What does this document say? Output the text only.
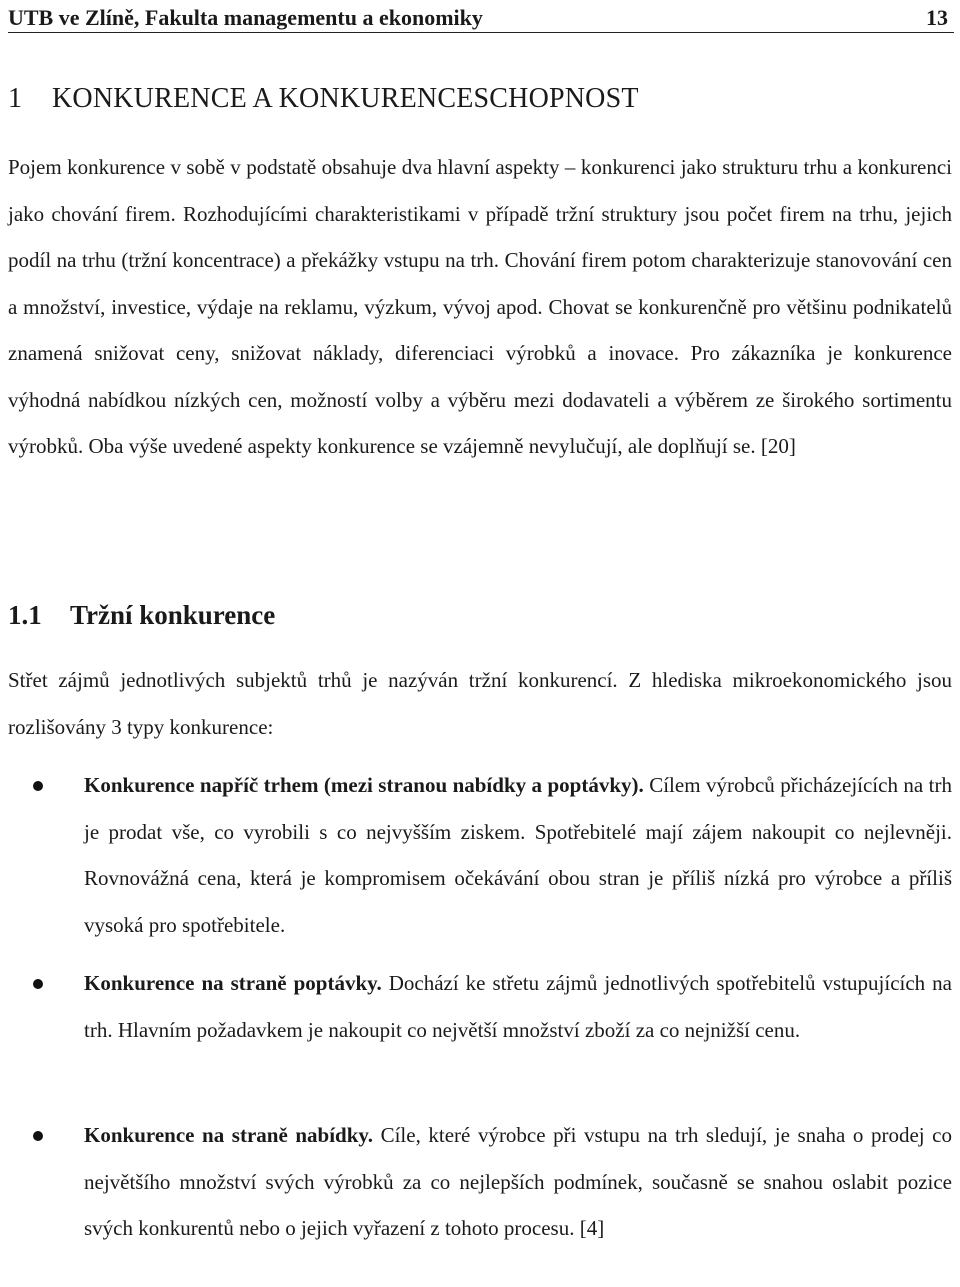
UTB ve Zlíně, Fakulta managementu a ekonomiky	13
1 KONKURENCE A KONKURENCESCHOPNOST

Pojem konkurence v sobě v podstatě obsahuje dva hlavní aspekty – konkurenci jako strukturu trhu a konkurenci jako chování firem. Rozhodujícími charakteristikami v případě tržní struktury jsou počet firem na trhu, jejich podíl na trhu (tržní koncentrace) a překážky vstupu na trh. Chování firem potom charakterizuje stanovování cen a množství, investice, výdaje na reklamu, výzkum, vývoj apod. Chovat se konkurenčně pro většinu podnikatelů znamená snižovat ceny, snižovat náklady, diferenciaci výrobků a inovace. Pro zákazníka je konkurence výhodná nabídkou nízkých cen, možností volby a výběru mezi dodavateli a výběrem ze širokého sortimentu výrobků. Oba výše uvedené aspekty konkurence se vzájemně nevylučují, ale doplňují se. [20]

1.1 Tržní konkurence

Střet zájmů jednotlivých subjektů trhů je nazýván tržní konkurencí. Z hlediska mikroekonomického jsou rozlišovány 3 typy konkurence:

Konkurence napříč trhem (mezi stranou nabídky a poptávky). Cílem výrobců přicházejících na trh je prodat vše, co vyrobili s co nejvyšším ziskem. Spotřebitelé mají zájem nakoupit co nejlevněji. Rovnovážná cena, která je kompromisem očekávání obou stran je příliš nízká pro výrobce a příliš vysoká pro spotřebitele.

Konkurence na straně poptávky. Dochází ke střetu zájmů jednotlivých spotřebitelů vstupujících na trh. Hlavním požadavkem je nakoupit co největší množství zboží za co nejnižší cenu.

Konkurence na straně nabídky. Cíle, které výrobce při vstupu na trh sledují, je snaha o prodej co největšího množství svých výrobků za co nejlepších podmínek, současně se snahou oslabit pozice svých konkurentů nebo o jejich vyřazení z tohoto procesu. [4]
